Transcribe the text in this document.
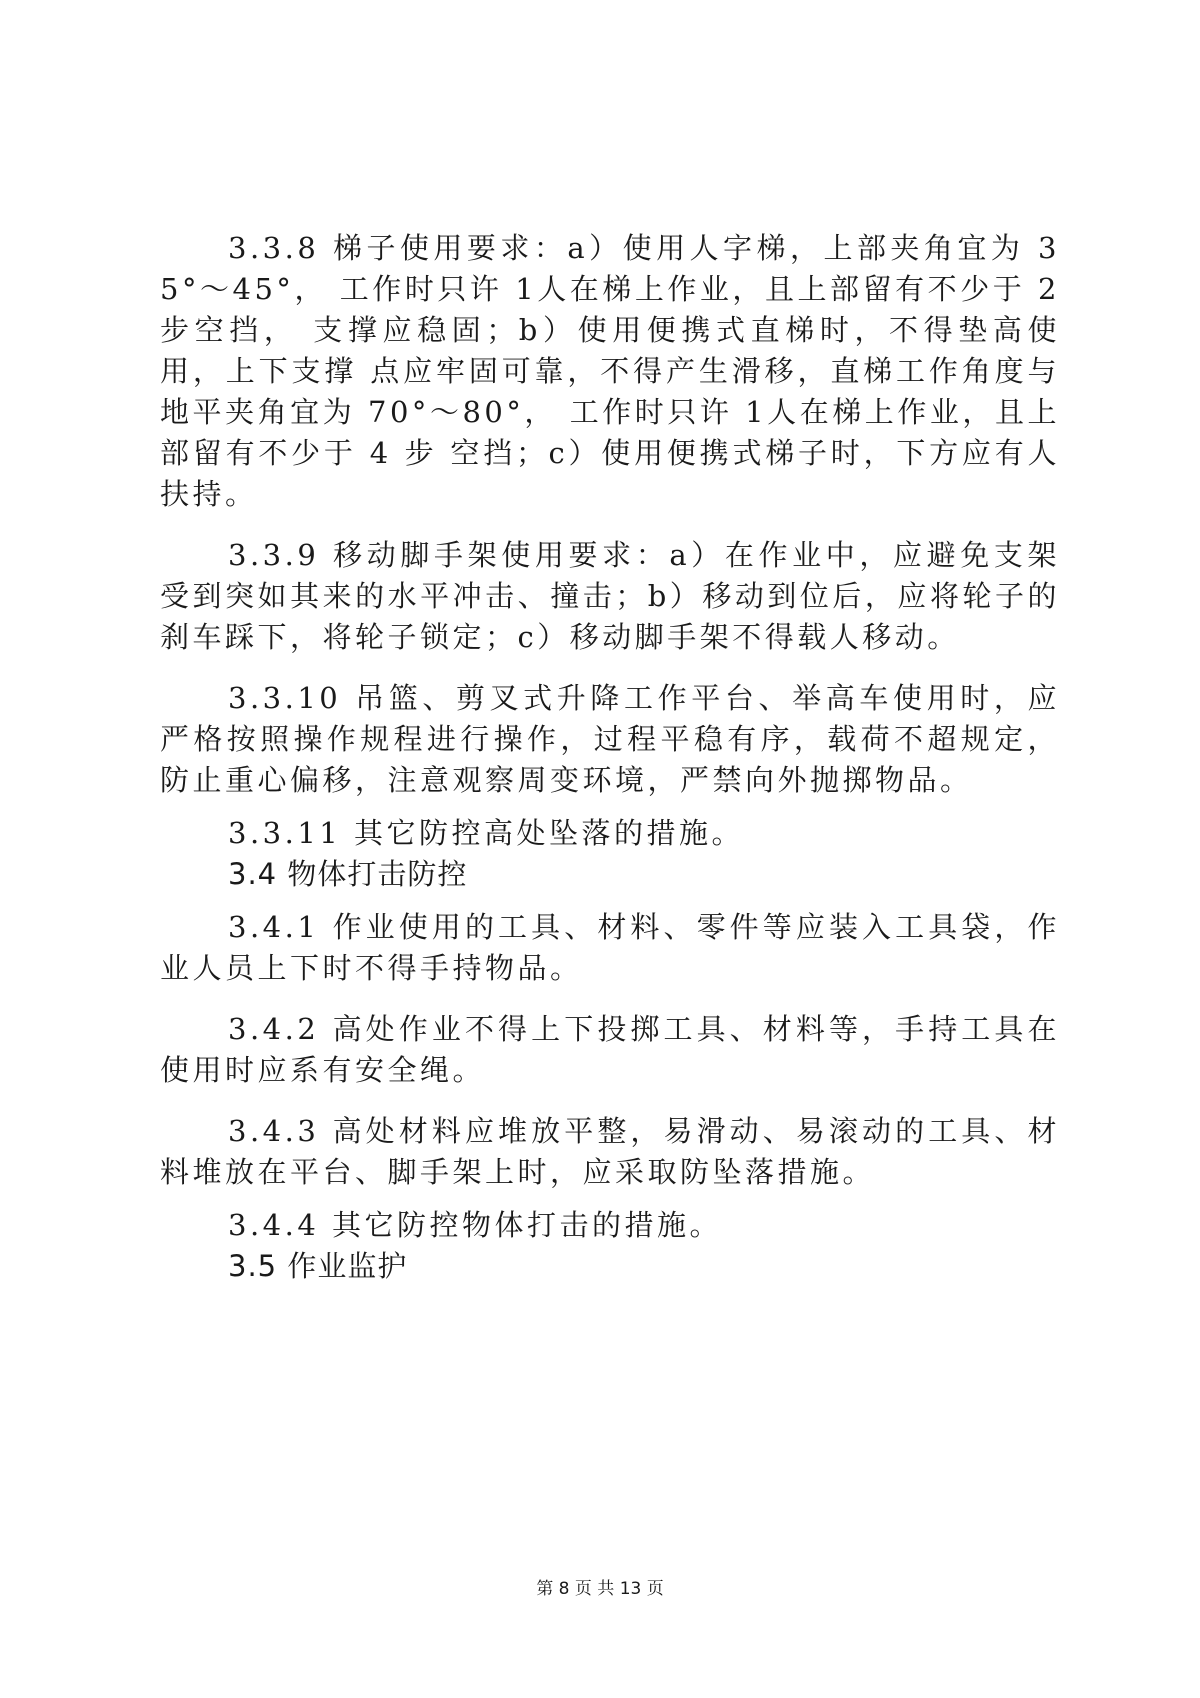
3.3.8 梯子使用要求：a）使用人字梯，上部夹角宜为 35°～45°， 工作时只许 1人在梯上作业，且上部留有不少于 2 步空挡， 支撑应稳固；b）使用便携式直梯时，不得垫高使用，上下支撑 点应牢固可靠，不得产生滑移，直梯工作角度与地平夹角宜为 70°～80°， 工作时只许 1人在梯上作业，且上部留有不少于 4 步 空挡；c）使用便携式梯子时，下方应有人扶持。

3.3.9 移动脚手架使用要求：a）在作业中，应避免支架受到突如其来的水平冲击、撞击；b）移动到位后，应将轮子的刹车踩下，将轮子锁定；c）移动脚手架不得载人移动。

3.3.10 吊篮、剪叉式升降工作平台、举高车使用时，应严格按照操作规程进行操作，过程平稳有序，载荷不超规定，防止重心偏移，注意观察周变环境，严禁向外抛掷物品。

3.3.11 其它防控高处坠落的措施。

3.4 物体打击防控

3.4.1 作业使用的工具、材料、零件等应装入工具袋，作业人员上下时不得手持物品。

3.4.2 高处作业不得上下投掷工具、材料等，手持工具在使用时应系有安全绳。

3.4.3 高处材料应堆放平整，易滑动、易滚动的工具、材料堆放在平台、脚手架上时，应采取防坠落措施。

3.4.4 其它防控物体打击的措施。

3.5 作业监护

第 8 页 共 13 页
